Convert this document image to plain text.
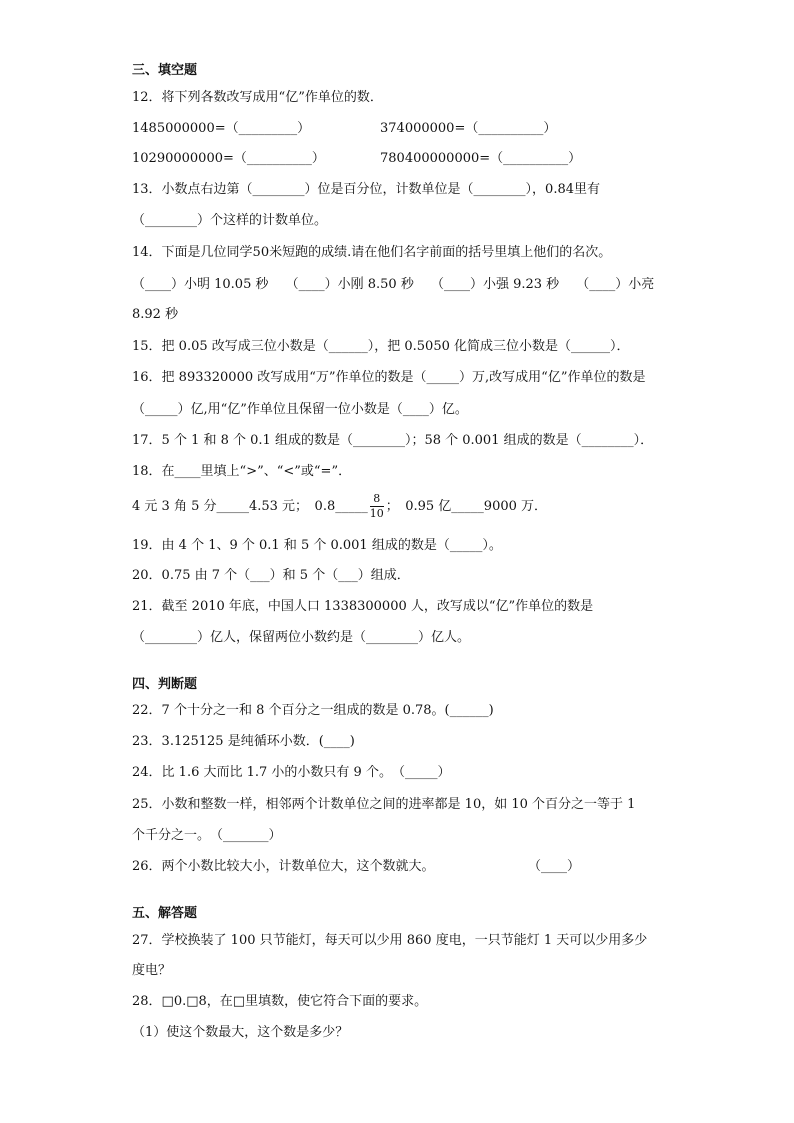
三、填空题
12．将下列各数改写成用“亿”作单位的数．
1485000000=（_________）	374000000=（__________）
10290000000=（__________）	780400000000=（__________）
13．小数点右边第（________）位是百分位，计数单位是（________），0.84里有
（________）个这样的计数单位。
14．下面是几位同学50米短跑的成绩.请在他们名字前面的括号里填上他们的名次。
（____）小明 10.05 秒　 （____）小刚 8.50 秒　 （____）小强 9.23 秒　 （____）小亮
8.92 秒
15．把 0.05 改写成三位小数是（______），把 0.5050 化简成三位小数是（______）．
16．把 893320000 改写成用“万”作单位的数是（_____）万,改写成用“亿”作单位的数是
（_____）亿,用“亿”作单位且保留一位小数是（____）亿。
17．5 个 1 和 8 个 0.1 组成的数是（________）；58 个 0.001 组成的数是（________）．
18．在____里填上“>”、“<”或“=”．
4 元 3 角 5 分_____4.53 元；　0.8_____ $\frac{8}{10}$ ；　0.95 亿_____9000 万．
19．由 4 个 1、9 个 0.1 和 5 个 0.001 组成的数是（_____）。
20．0.75 由 7 个（___）和 5 个（___）组成．
21．截至 2010 年底，中国人口 1338300000 人，改写成以“亿”作单位的数是
（________）亿人，保留两位小数约是（________）亿人。
四、判断题
22．7 个十分之一和 8 个百分之一组成的数是 0.78。(______)
23．3.125125 是纯循环小数．(____)
24．比 1.6 大而比 1.7 小的小数只有 9 个。　（_____）
25．小数和整数一样，相邻两个计数单位之间的进率都是 10，如 10 个百分之一等于 1
个千分之一。　（_______）
26．两个小数比较大小，计数单位大，这个数就大。	（____）
五、解答题
27．学校换装了 100 只节能灯，每天可以少用 860 度电，一只节能灯 1 天可以少用多少
度电？
28．□0.□8，在□里填数，使它符合下面的要求。
（1）使这个数最大，这个数是多少？
